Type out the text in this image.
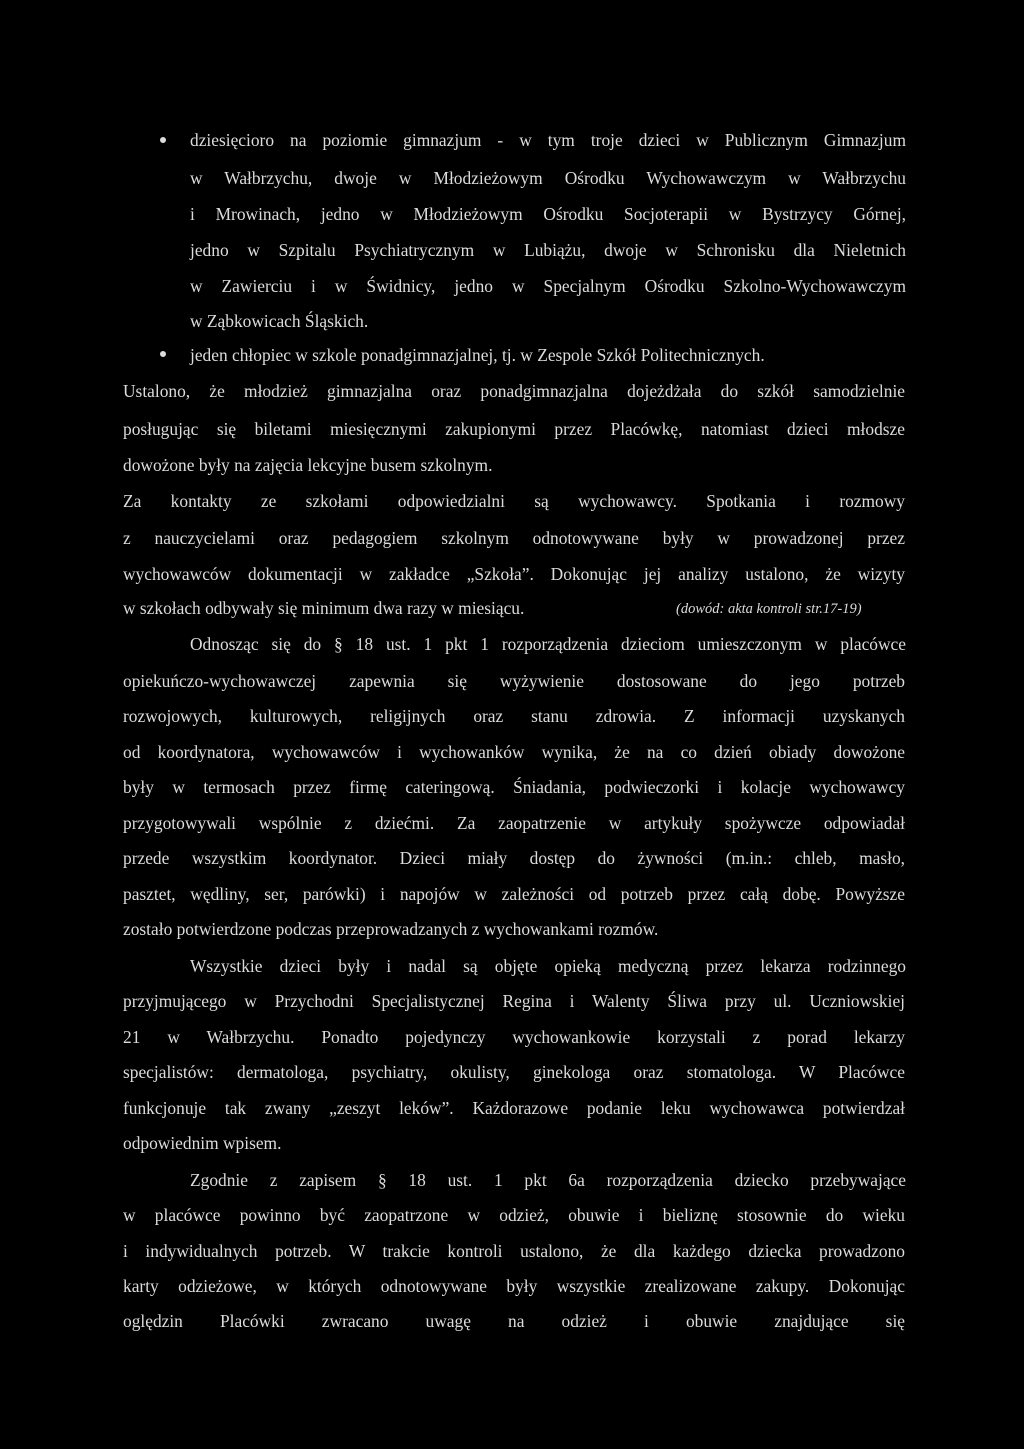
dziesięcioro na poziomie gimnazjum - w tym troje dzieci w Publicznym Gimnazjum
w Wałbrzychu, dwoje w Młodzieżowym Ośrodku Wychowawczym w Wałbrzychu
i Mrowinach, jedno w Młodzieżowym Ośrodku Socjoterapii w Bystrzycy Górnej,
jedno w Szpitalu Psychiatrycznym w Lubiążu, dwoje w Schronisku dla Nieletnich
w Zawierciu i w Świdnicy, jedno w Specjalnym Ośrodku Szkolno-Wychowawczym
w Ząbkowicach Śląskich.
jeden chłopiec w szkole ponadgimnazjalnej, tj. w Zespole Szkół Politechnicznych.
Ustalono, że młodzież gimnazjalna oraz ponadgimnazjalna dojeżdżała do szkół samodzielnie
posługując się biletami miesięcznymi zakupionymi przez Placówkę, natomiast dzieci młodsze
dowożone były na zajęcia lekcyjne busem szkolnym.
Za kontakty ze szkołami odpowiedzialni są wychowawcy. Spotkania i rozmowy
z nauczycielami oraz pedagogiem szkolnym odnotowywane były w prowadzonej przez
wychowawców dokumentacji w zakładce „Szkoła”. Dokonując jej analizy ustalono, że wizyty
w szkołach odbywały się minimum dwa razy w miesiącu.	(dowód: akta kontroli str.17-19)
Odnosząc się do § 18 ust. 1 pkt 1 rozporządzenia dzieciom umieszczonym w placówce
opiekuńczo-wychowawczej zapewnia się wyżywienie dostosowane do jego potrzeb
rozwojowych, kulturowych, religijnych oraz stanu zdrowia. Z informacji uzyskanych
od koordynatora, wychowawców i wychowanków wynika, że na co dzień obiady dowożone
były w termosach przez firmę cateringową. Śniadania, podwieczorki i kolacje wychowawcy
przygotowywali wspólnie z dziećmi. Za zaopatrzenie w artykuły spożywcze odpowiadał
przede wszystkim koordynator. Dzieci miały dostęp do żywności (m.in.: chleb, masło,
pasztet, wędliny, ser, parówki) i napojów w zależności od potrzeb przez całą dobę. Powyższe
zostało potwierdzone podczas przeprowadzanych z wychowankami rozmów.
Wszystkie dzieci były i nadal są objęte opieką medyczną przez lekarza rodzinnego
przyjmującego w Przychodni Specjalistycznej Regina i Walenty Śliwa przy ul. Uczniowskiej
21 w Wałbrzychu. Ponadto pojedynczy wychowankowie korzystali z porad lekarzy
specjalistów: dermatologa, psychiatry, okulisty, ginekologa oraz stomatologa. W Placówce
funkcjonuje tak zwany „zeszyt leków”. Każdorazowe podanie leku wychowawca potwierdzał
odpowiednim wpisem.
Zgodnie z zapisem § 18 ust. 1 pkt 6a rozporządzenia dziecko przebywające
w placówce powinno być zaopatrzone w odzież, obuwie i bieliznę stosownie do wieku
i indywidualnych potrzeb. W trakcie kontroli ustalono, że dla każdego dziecka prowadzono
karty odzieżowe, w których odnotowywane były wszystkie zrealizowane zakupy. Dokonując
oględzin Placówki zwracano uwagę na odzież i obuwie znajdujące się
